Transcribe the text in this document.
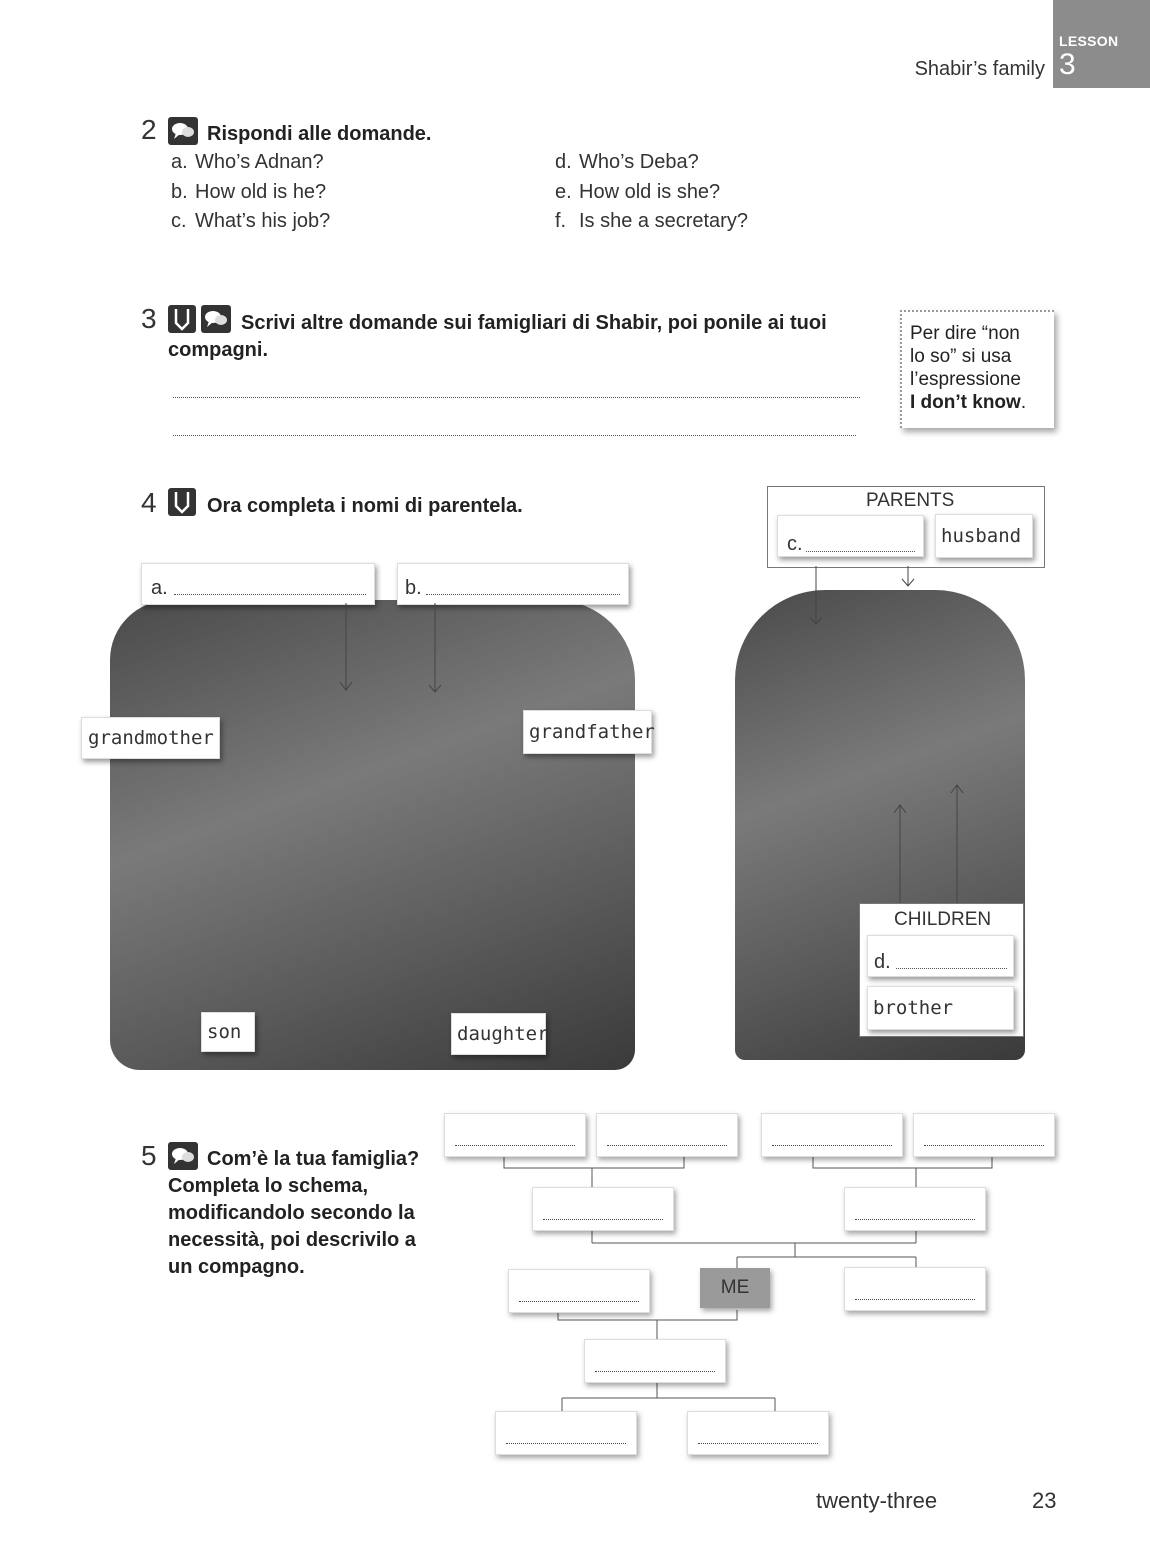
Shabir’s family
LESSON
3
2	Rispondi alle domande.
a. Who’s Adnan?
b. How old is he?
c. What’s his job?
d. Who’s Deba?
e. How old is she?
f. Is she a secretary?
3	Scrivi altre domande sui famigliari di Shabir, poi ponile ai tuoi
compagni.
Per dire “non
lo so” si usa
l’espressione
I don’t know.
4	Ora completa i nomi di parentela.
a.	b.
grandmother	grandfather
son	daughter
PARENTS
c.	husband
CHILDREN
d.
brother
5	Com’è la tua famiglia?
Completa lo schema,
modificandolo secondo la
necessità, poi descrivilo a
un compagno.
ME
twenty-three	23
